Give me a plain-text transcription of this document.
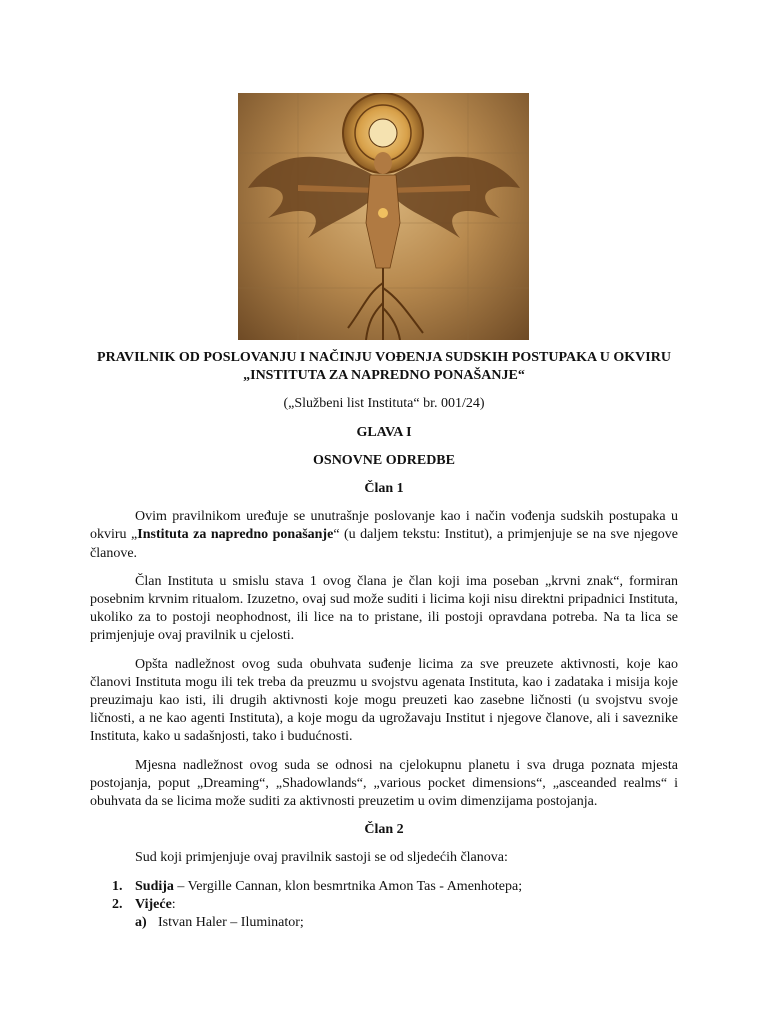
PRAVILNIK OD POSLOVANJU I NAČINJU VOĐENJA SUDSKIH POSTUPAKA U OKVIRU

„INSTITUTA ZA NAPREDNO PONAŠANJE“

(„Službeni list Instituta“ br. 001/24)

GLAVA I

OSNOVNE ODREDBE

Član 1

Ovim pravilnikom uređuje se unutrašnje poslovanje kao i način vođenja sudskih postupaka u okviru „Instituta za napredno ponašanje“ (u daljem tekstu: Institut), a primjenjuje se na sve njegove članove.

Član Instituta u smislu stava 1 ovog člana je član koji ima poseban „krvni znak“, formiran posebnim krvnim ritualom. Izuzetno, ovaj sud može suditi i licima koji nisu direktni pripadnici Instituta, ukoliko za to postoji neophodnost, ili lice na to pristane, ili postoji opravdana potreba. Na ta lica se primjenjuje ovaj pravilnik u cjelosti.

Opšta nadležnost ovog suda obuhvata suđenje licima za sve preuzete aktivnosti, koje kao članovi Instituta mogu ili tek treba da preuzmu u svojstvu agenata Instituta, kao i zadataka i misija koje preuzimaju kao isti, ili drugih aktivnosti koje mogu preuzeti kao zasebne ličnosti (u svojstvu svoje ličnosti, a ne kao agenti Instituta), a koje mogu da ugrožavaju Institut i njegove članove, ali i saveznike Instituta, kako u sadašnjosti, tako i budućnosti.

Mjesna nadležnost ovog suda se odnosi na cjelokupnu planetu i sva druga poznata mjesta postojanja, poput „Dreaming“, „Shadowlands“, „various pocket dimensions“, „asceanded realms“ i obuhvata da se licima može suditi za aktivnosti preuzetim u ovim dimenzijama postojanja.

Član 2

Sud koji primjenjuje ovaj pravilnik sastoji se od sljedećih članova:

1. Sudija – Vergille Cannan, klon besmrtnika Amon Tas - Amenhotepa;
2. Vijeće:
a) Istvan Haler – Iluminator;
